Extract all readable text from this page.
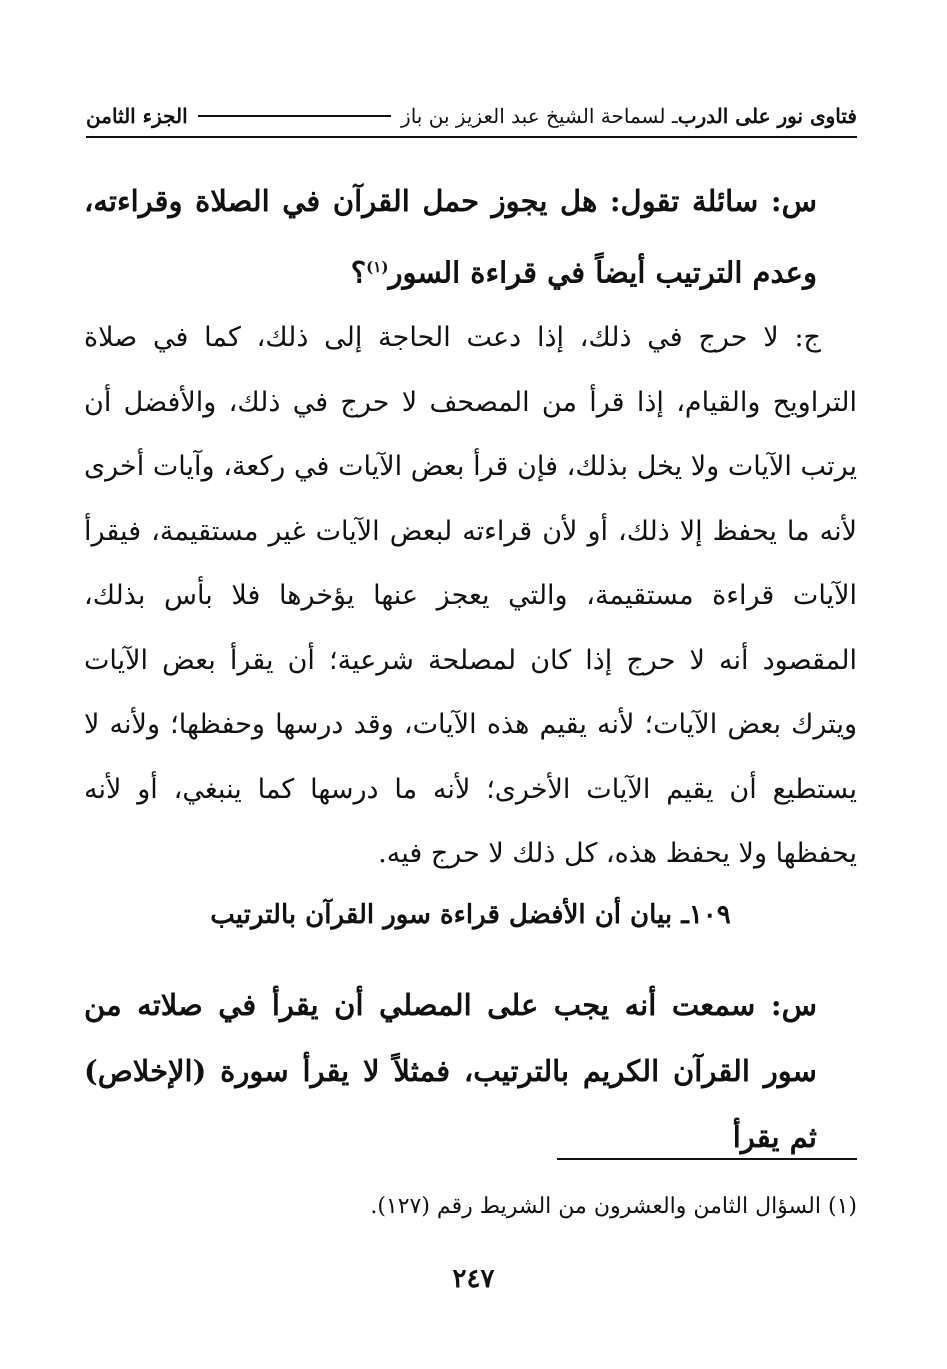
فتاوى نور على الدرب
ـ لسماحة الشيخ عبد العزيز بن باز
الجزء الثامن
س: سائلة تقول: هل يجوز حمل القرآن في الصلاة وقراءته، وعدم الترتيب أيضاً في قراءة السور$^{(١)}$؟
ج: لا حرج في ذلك، إذا دعت الحاجة إلى ذلك، كما في صلاة التراويح والقيام، إذا قرأ من المصحف لا حرج في ذلك، والأفضل أن يرتب الآيات ولا يخل بذلك، فإن قرأ بعض الآيات في ركعة، وآيات أخرى لأنه ما يحفظ إلا ذلك، أو لأن قراءته لبعض الآيات غير مستقيمة، فيقرأ الآيات قراءة مستقيمة، والتي يعجز عنها يؤخرها فلا بأس بذلك، المقصود أنه لا حرج إذا كان لمصلحة شرعية؛ أن يقرأ بعض الآيات ويترك بعض الآيات؛ لأنه يقيم هذه الآيات، وقد درسها وحفظها؛ ولأنه لا يستطيع أن يقيم الآيات الأخرى؛ لأنه ما درسها كما ينبغي، أو لأنه يحفظها ولا يحفظ هذه، كل ذلك لا حرج فيه.
١٠٩ـ بيان أن الأفضل قراءة سور القرآن بالترتيب
س: سمعت أنه يجب على المصلي أن يقرأ في صلاته من سور القرآن الكريم بالترتيب، فمثلاً لا يقرأ سورة (الإخلاص) ثم يقرأ
(١) السؤال الثامن والعشرون من الشريط رقم (١٢٧).
٢٤٧
